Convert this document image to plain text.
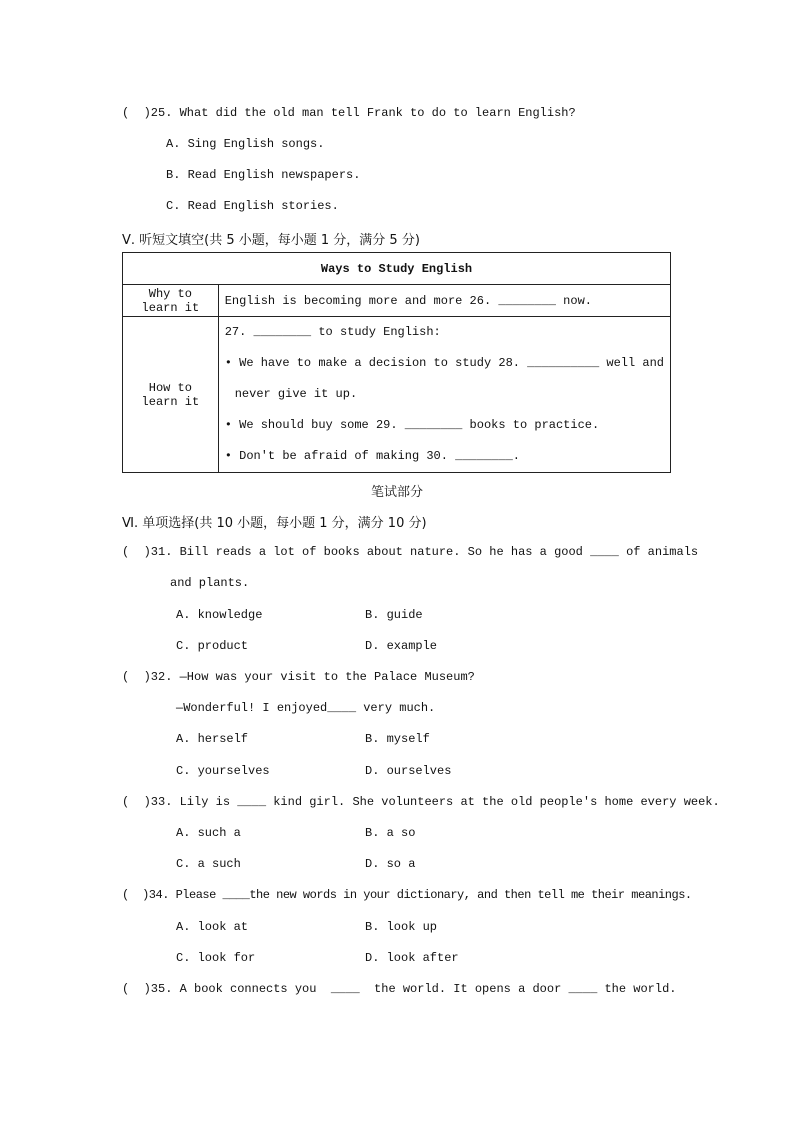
(  )25. What did the old man tell Frank to do to learn English?
A. Sing English songs.
B. Read English newspapers.
C. Read English stories.
Ⅴ. 听短文填空(共 5 小题，每小题 1 分，满分 5 分)
Ways to Study English	
Why to learn it	English is becoming more and more 26. ________ now.
How to learn it	27. ________ to study English:
• We have to make a decision to study 28. __________ well and
never give it up.
• We should buy some 29. ________ books to practice.
• Don't be afraid of making 30. ________.
笔试部分
Ⅵ. 单项选择(共 10 小题，每小题 1 分，满分 10 分)
(  )31. Bill reads a lot of books about nature. So he has a good ____ of animals
and plants.
A. knowledge	B. guide
C. product	D. example
(  )32. —How was your visit to the Palace Museum?
—Wonderful! I enjoyed____ very much.
A. herself	B. myself
C. yourselves	D. ourselves
(  )33. Lily is ____ kind girl. She volunteers at the old people's home every week.
A. such a	B. a so
C. a such	D. so a
(  )34. Please ____the new words in your dictionary, and then tell me their meanings.
A. look at	B. look up
C. look for	D. look after
(  )35. A book connects you  ____  the world. It opens a door ____ the world.
